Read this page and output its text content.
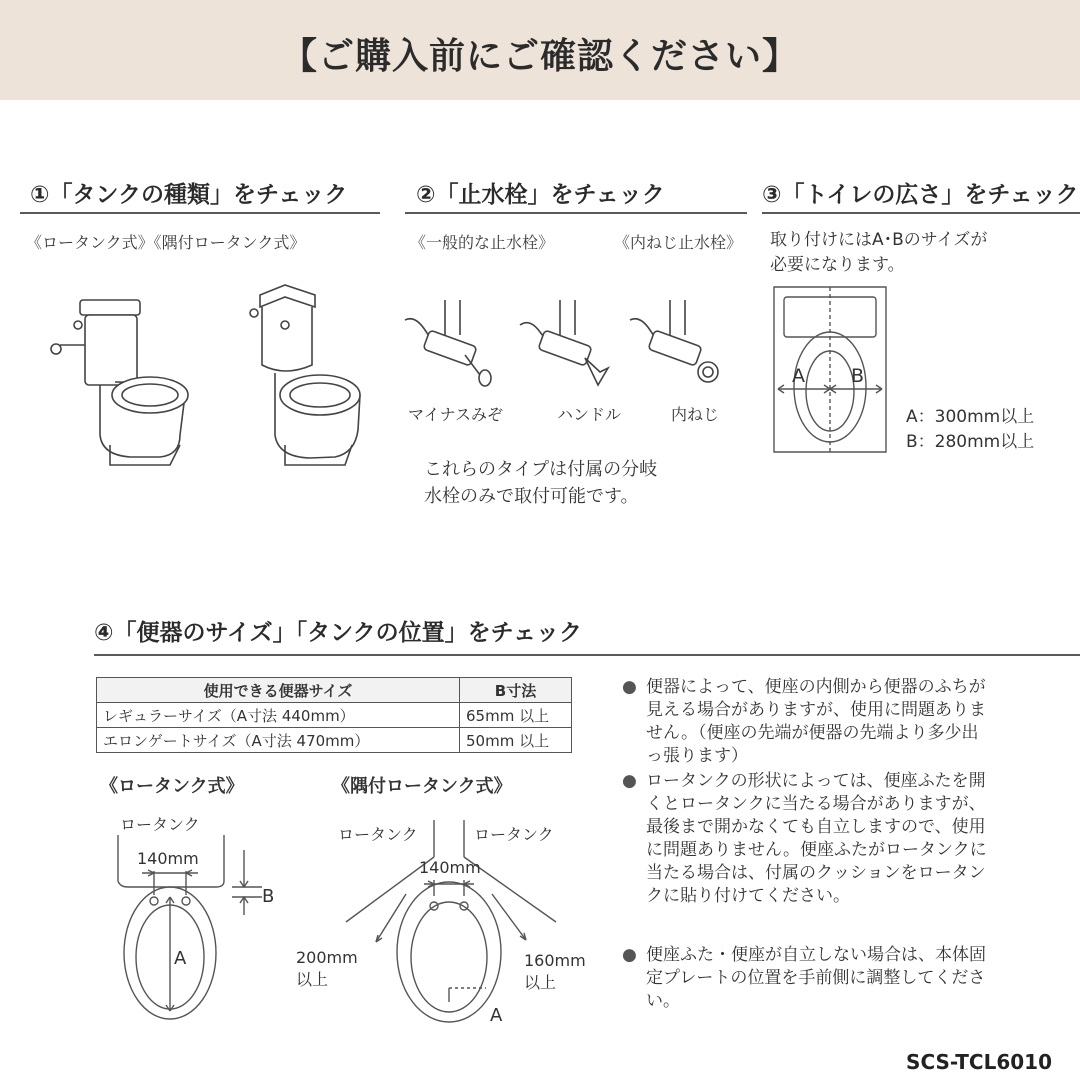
【ご購入前にご確認ください】
①「タンクの種類」をチェック
《ロータンク式》《隅付ロータンク式》
②「止水栓」をチェック
《一般的な止水栓》	《内ねじ止水栓》
マイナスみぞ	ハンドル	内ねじ
これらのタイプは付属の分岐
水栓のみで取付可能です。
③「トイレの広さ」をチェック
取り付けにはA･Bのサイズが
必要になります。
A B
A：300mm以上
B：280mm以上
④「便器のサイズ」「タンクの位置」をチェック
使用できる便器サイズ	B寸法
レギュラーサイズ（A寸法 440mm）	65mm 以上
エロンゲートサイズ（A寸法 470mm）	50mm 以上
《ロータンク式》
ロータンク
140mm
A
B
《隅付ロータンク式》
ロータンク	ロータンク
140mm
200mm
以上
160mm
以上
A
● 便器によって、便座の内側から便器のふちが見える場合がありますが、使用に問題ありません。（便座の先端が便器の先端より多少出っ張ります）
● ロータンクの形状によっては、便座ふたを開くとロータンクに当たる場合がありますが、最後まで開かなくても自立しますので、使用に問題ありません。便座ふたがロータンクに当たる場合は、付属のクッションをロータンクに貼り付けてください。
● 便座ふた・便座が自立しない場合は、本体固定プレートの位置を手前側に調整してください。
SCS-TCL6010
